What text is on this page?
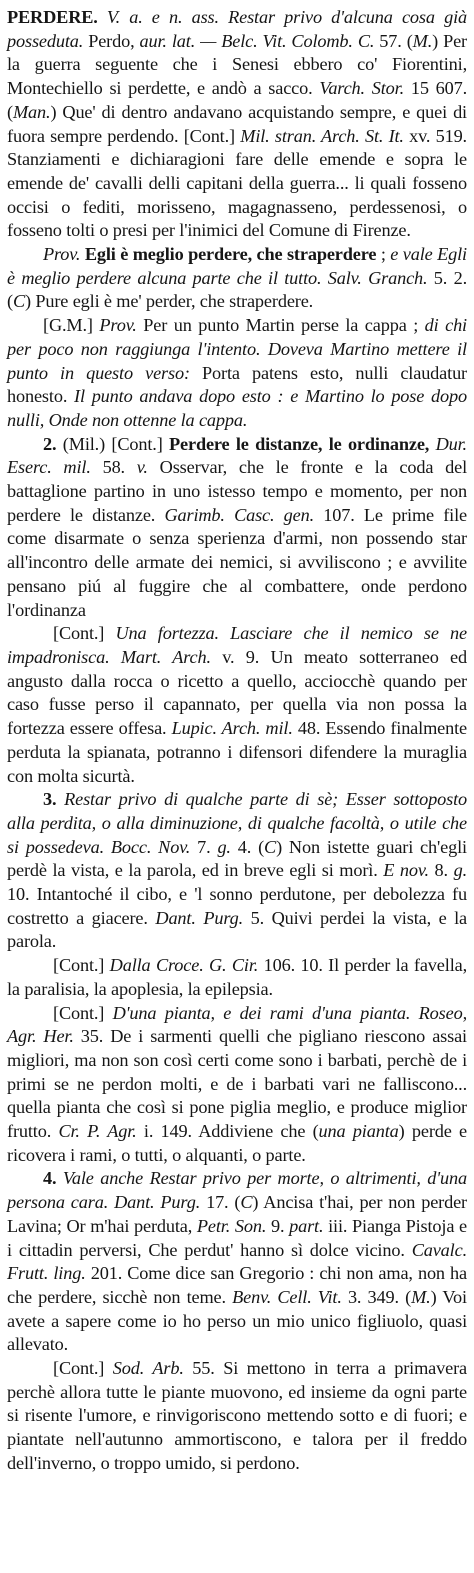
PERDERE. V. a. e n. ass. Restar privo d'alcuna cosa già posseduta. Perdo, aur. lat. — Belc. Vit. Colomb. C. 57. (M.) Per la guerra seguente che i Senesi ebbero co' Fiorentini, Montechiello si perdette, e andò a sacco. Varch. Stor. 15 607. (Man.) Que' di dentro andavano acquistando sempre, e quei di fuora sempre perdendo. [Cont.] Mil. stran. Arch. St. It. xv. 519. Stanziamenti e dichiaragioni fare delle emende e sopra le emende de' cavalli delli capitani della guerra... li quali fosseno occisi o fediti, morisseno, magagnasseno, perdessenosi, o fosseno tolti o presi per l'inimici del Comune di Firenze.

Prov. Egli è meglio perdere, che straperdere ; e vale Egli è meglio perdere alcuna parte che il tutto. Salv. Granch. 5. 2. (C) Pure egli è me' perder, che straperdere.

[G.M.] Prov. Per un punto Martin perse la cappa ; di chi per poco non raggiunga l'intento. Doveva Martino mettere il punto in questo verso: Porta patens esto, nulli claudatur honesto. Il punto andava dopo esto : e Martino lo pose dopo nulli, Onde non ottenne la cappa.

2. (Mil.) [Cont.] Perdere le distanze, le ordinanze, Dur. Eserc. mil. 58. v. Osservar, che le fronte e la coda del battaglione partino in uno istesso tempo e momento, per non perdere le distanze. Garimb. Casc. gen. 107. Le prime file come disarmate o senza sperienza d'armi, non possendo star all'incontro delle armate dei nemici, si avviliscono ; e avvilite pensano piú al fuggire che al combattere, onde perdono l'ordinanza

[Cont.] Una fortezza. Lasciare che il nemico se ne impadronisca. Mart. Arch. v. 9. Un meato sotterraneo ed angusto dalla rocca o ricetto a quello, acciocchè quando per caso fusse perso il capannato, per quella via non possa la fortezza essere offesa. Lupic. Arch. mil. 48. Essendo finalmente perduta la spianata, potranno i difensori difendere la muraglia con molta sicurtà.

3. Restar privo di qualche parte di sè; Esser sottoposto alla perdita, o alla diminuzione, di qualche facoltà, o utile che si possedeva. Bocc. Nov. 7. g. 4. (C) Non istette guari ch'egli perdè la vista, e la parola, ed in breve egli si morì. E nov. 8. g. 10. Intantoché il cibo, e 'l sonno perdutone, per debolezza fu costretto a giacere. Dant. Purg. 5. Quivi perdei la vista, e la parola.

[Cont.] Dalla Croce. G. Cir. 106. 10. Il perder la favella, la paralisia, la apoplesia, la epilepsia.

[Cont.] D'una pianta, e dei rami d'una pianta. Roseo, Agr. Her. 35. De i sarmenti quelli che pigliano riescono assai migliori, ma non son così certi come sono i barbati, perchè de i primi se ne perdon molti, e de i barbati vari ne falliscono... quella pianta che così si pone piglia meglio, e produce miglior frutto. Cr. P. Agr. i. 149. Addiviene che (una pianta) perde e ricovera i rami, o tutti, o alquanti, o parte.

4. Vale anche Restar privo per morte, o altrimenti, d'una persona cara. Dant. Purg. 17. (C) Ancisa t'hai, per non perder Lavina; Or m'hai perduta, Petr. Son. 9. part. iii. Pianga Pistoja e i cittadin perversi, Che perdut' hanno sì dolce vicino. Cavalc. Frutt. ling. 201. Come dice san Gregorio : chi non ama, non ha che perdere, sicchè non teme. Benv. Cell. Vit. 3. 349. (M.) Voi avete a sapere come io ho perso un mio unico figliuolo, quasi allevato.

[Cont.] Sod. Arb. 55. Si mettono in terra a primavera perchè allora tutte le piante muovono, ed insieme da ogni parte si risente l'umore, e rinvigoriscono mettendo sotto e di fuori; e piantate nell'autunno ammortiscono, e talora per il freddo dell'inverno, o troppo umido, si perdono.
